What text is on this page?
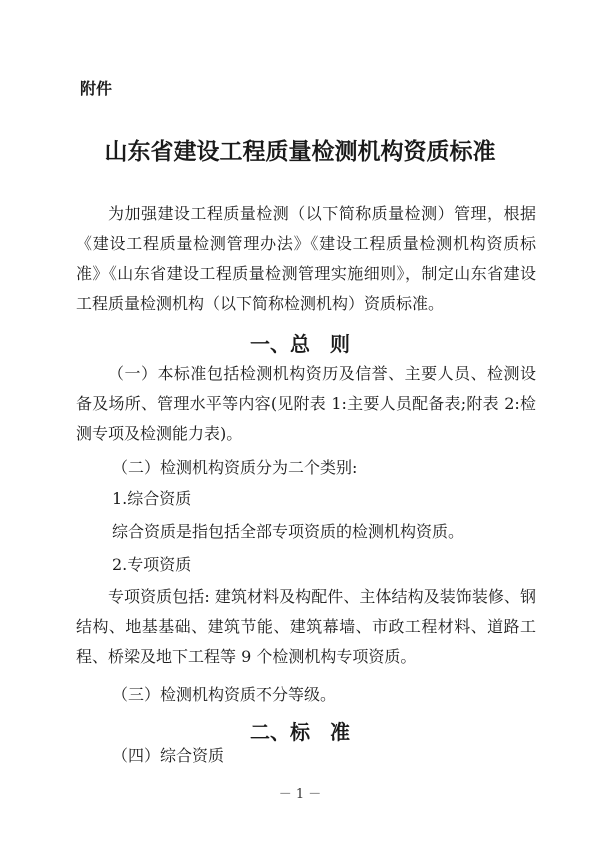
附件
山东省建设工程质量检测机构资质标准
为加强建设工程质量检测（以下简称质量检测）管理，根据《建设工程质量检测管理办法》《建设工程质量检测机构资质标准》《山东省建设工程质量检测管理实施细则》，制定山东省建设工程质量检测机构（以下简称检测机构）资质标准。
一、总　则
（一）本标准包括检测机构资历及信誉、主要人员、检测设备及场所、管理水平等内容(见附表 1:主要人员配备表;附表 2:检测专项及检测能力表)。
（二）检测机构资质分为二个类别:
1.综合资质
综合资质是指包括全部专项资质的检测机构资质。
2.专项资质
专项资质包括: 建筑材料及构配件、主体结构及装饰装修、钢结构、地基基础、建筑节能、建筑幕墙、市政工程材料、道路工程、桥梁及地下工程等 9 个检测机构专项资质。
（三）检测机构资质不分等级。
二、标　准
（四）综合资质
－ 1 －
